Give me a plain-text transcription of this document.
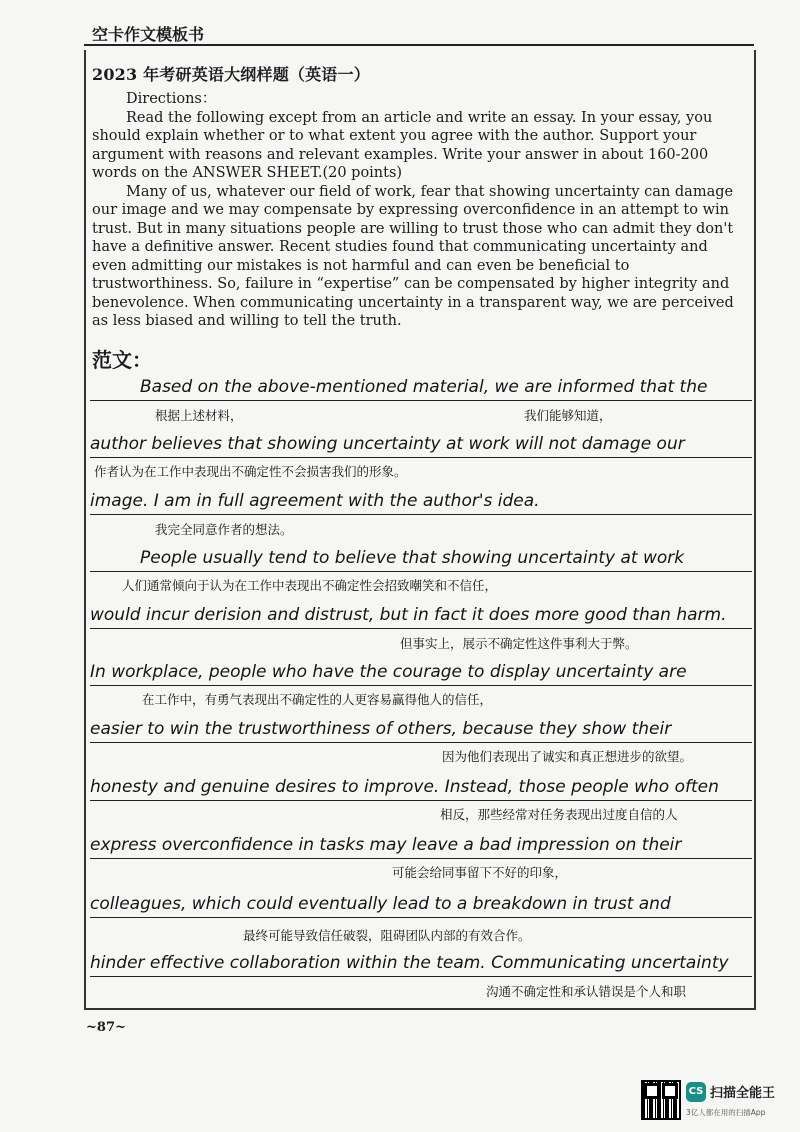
空卡作文模板书
2023 年考研英语大纲样题（英语一）
Directions：

Read the following except from an article and write an essay. In your essay, you should explain whether or to what extent you agree with the author. Support your argument with reasons and relevant examples. Write your answer in about 160-200 words on the ANSWER SHEET.(20 points)

Many of us, whatever our field of work, fear that showing uncertainty can damage our image and we may compensate by expressing overconfidence in an attempt to win trust. But in many situations people are willing to trust those who can admit they don't have a definitive answer. Recent studies found that communicating uncertainty and even admitting our mistakes is not harmful and can even be beneficial to trustworthiness. So, failure in “expertise” can be compensated by higher integrity and benevolence. When communicating uncertainty in a transparent way, we are perceived as less biased and willing to tell the truth.

范文：
Based on the above-mentioned material, we are informed that the
根据上述材料，	我们能够知道，
author believes that showing uncertainty at work will not damage our
作者认为在工作中表现出不确定性不会损害我们的形象。
image. I am in full agreement with the author's idea.
我完全同意作者的想法。
People usually tend to believe that showing uncertainty at work
人们通常倾向于认为在工作中表现出不确定性会招致嘲笑和不信任，
would incur derision and distrust, but in fact it does more good than harm.
但事实上，展示不确定性这件事利大于弊。
In workplace, people who have the courage to display uncertainty are
在工作中，有勇气表现出不确定性的人更容易赢得他人的信任，
easier to win the trustworthiness of others, because they show their
因为他们表现出了诚实和真正想进步的欲望。
honesty and genuine desires to improve. Instead, those people who often
相反，那些经常对任务表现出过度自信的人
express overconfidence in tasks may leave a bad impression on their
可能会给同事留下不好的印象，
colleagues, which could eventually lead to a breakdown in trust and
最终可能导致信任破裂，阻碍团队内部的有效合作。
hinder effective collaboration within the team. Communicating uncertainty
沟通不确定性和承认错误是个人和职
~87~
CS 扫描全能王
3亿人都在用的扫描App
